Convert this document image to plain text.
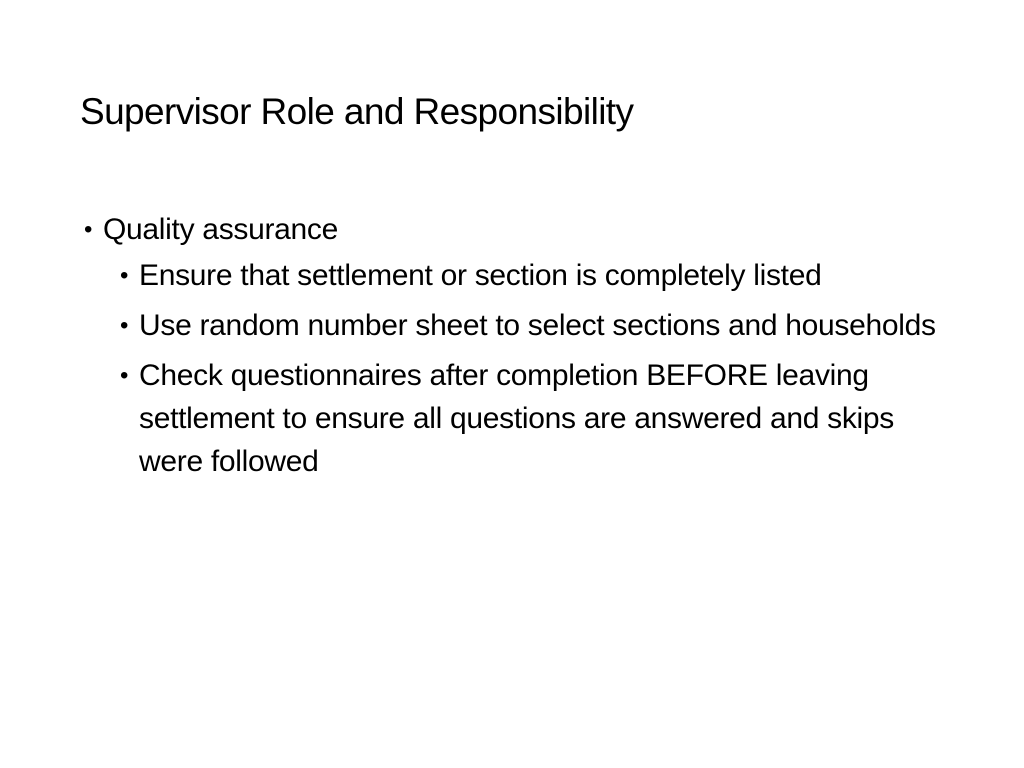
Supervisor Role and Responsibility
• Quality assurance
• Ensure that settlement or section is completely listed
• Use random number sheet to select sections and households
• Check questionnaires after completion BEFORE leaving settlement to ensure all questions are answered and skips were followed
